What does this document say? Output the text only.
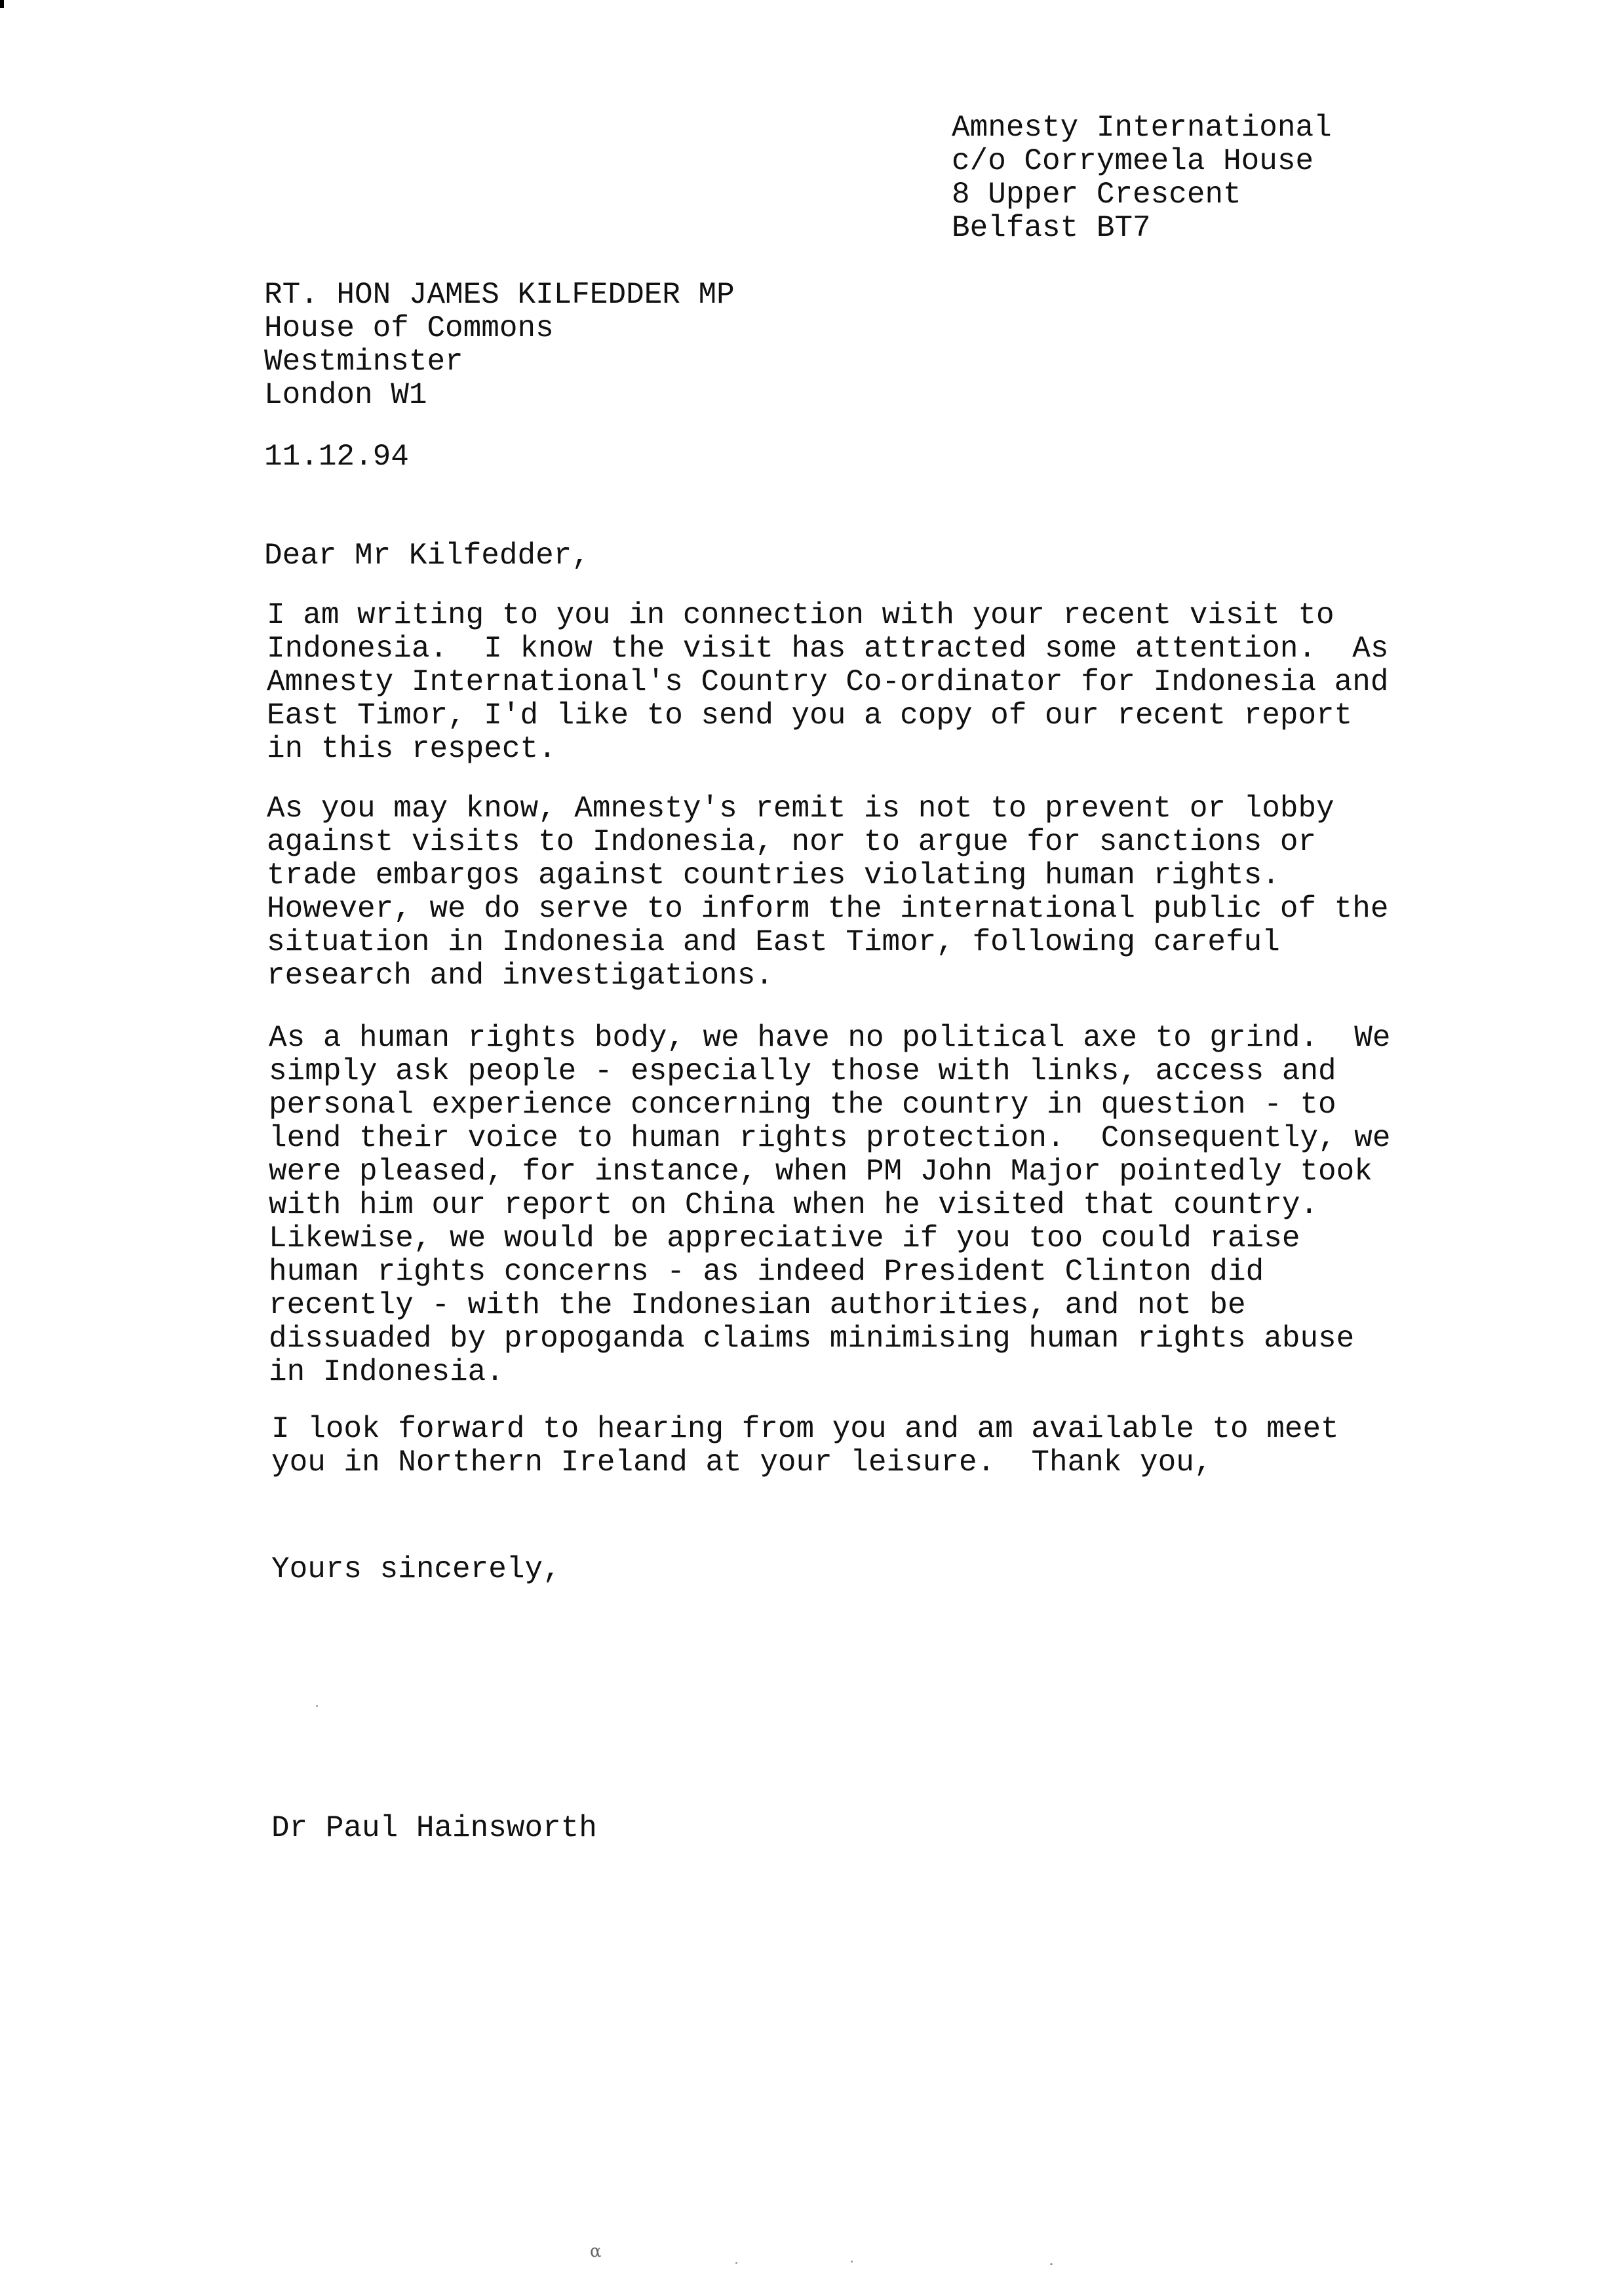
Amnesty International
c/o Corrymeela House
8 Upper Crescent
Belfast BT7
RT. HON JAMES KILFEDDER MP
House of Commons
Westminster
London W1
11.12.94
Dear Mr Kilfedder,
I am writing to you in connection with your recent visit to
Indonesia.  I know the visit has attracted some attention.  As
Amnesty International's Country Co-ordinator for Indonesia and
East Timor, I'd like to send you a copy of our recent report
in this respect.
As you may know, Amnesty's remit is not to prevent or lobby
against visits to Indonesia, nor to argue for sanctions or
trade embargos against countries violating human rights.
However, we do serve to inform the international public of the
situation in Indonesia and East Timor, following careful
research and investigations.
As a human rights body, we have no political axe to grind.  We
simply ask people - especially those with links, access and
personal experience concerning the country in question - to
lend their voice to human rights protection.  Consequently, we
were pleased, for instance, when PM John Major pointedly took
with him our report on China when he visited that country.
Likewise, we would be appreciative if you too could raise
human rights concerns - as indeed President Clinton did
recently - with the Indonesian authorities, and not be
dissuaded by propoganda claims minimising human rights abuse
in Indonesia.
I look forward to hearing from you and am available to meet
you in Northern Ireland at your leisure.  Thank you,
Yours sincerely,
Dr Paul Hainsworth
α
